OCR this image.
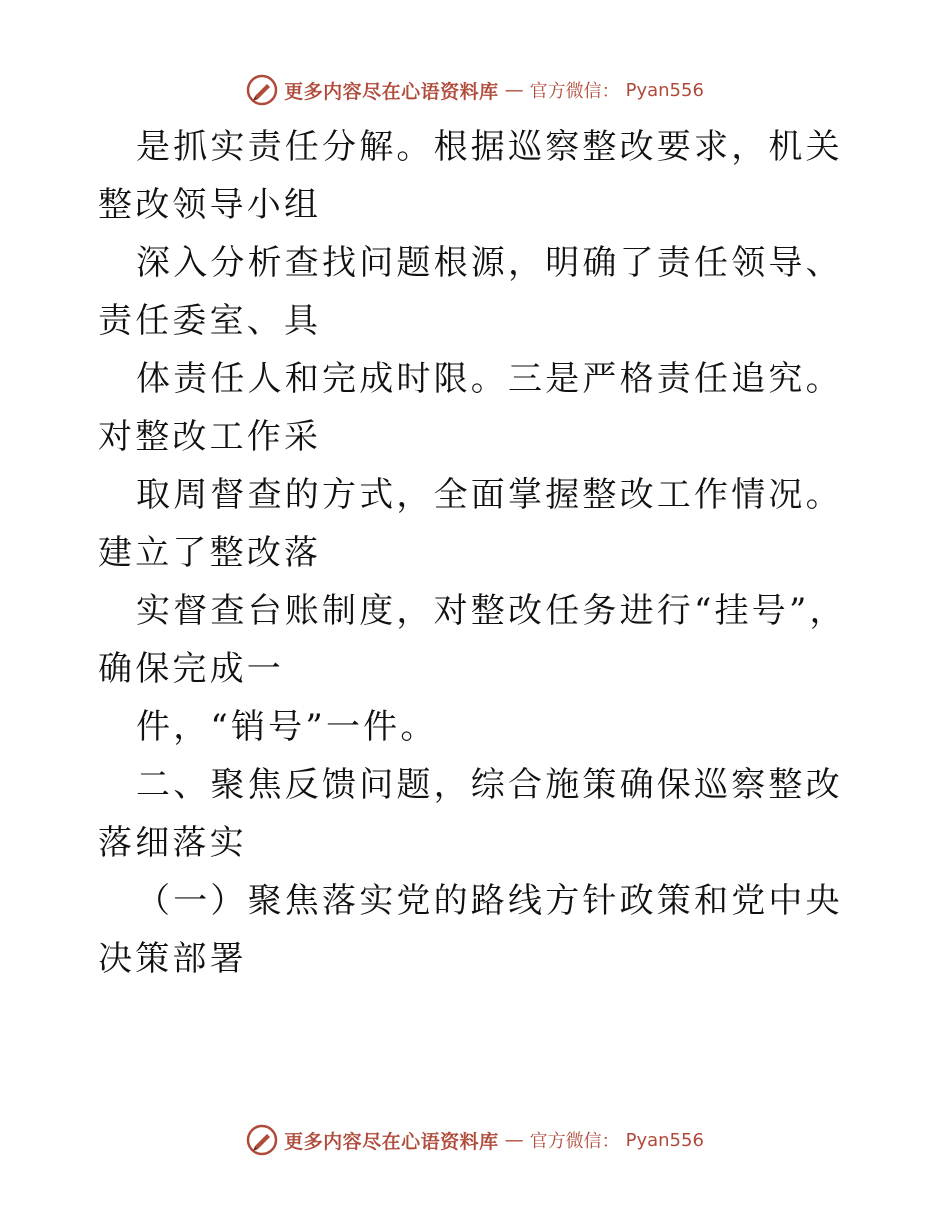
更多内容尽在心语资料库 — 官方微信： Pyan556

是抓实责任分解。根据巡察整改要求，机关整改领导小组

深入分析查找问题根源，明确了责任领导、责任委室、具

体责任人和完成时限。三是严格责任追究。对整改工作采

取周督查的方式，全面掌握整改工作情况。建立了整改落

实督查台账制度，对整改任务进行“挂号”，确保完成一

件，“销号”一件。

二、聚焦反馈问题，综合施策确保巡察整改落细落实

（一）聚焦落实党的路线方针政策和党中央决策部署

更多内容尽在心语资料库 — 官方微信： Pyan556
